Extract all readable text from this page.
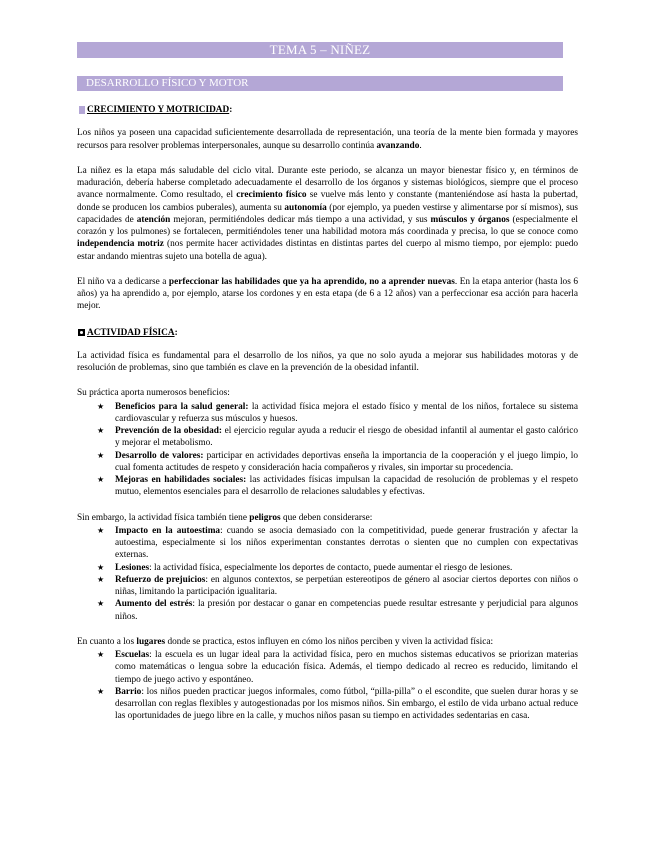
TEMA 5 – NIÑEZ
DESARROLLO FÍSICO Y MOTOR
CRECIMIENTO Y MOTRICIDAD:

Los niños ya poseen una capacidad suficientemente desarrollada de representación, una teoría de la mente bien formada y mayores recursos para resolver problemas interpersonales, aunque su desarrollo continúa avanzando.

La niñez es la etapa más saludable del ciclo vital. Durante este periodo, se alcanza un mayor bienestar físico y, en términos de maduración, debería haberse completado adecuadamente el desarrollo de los órganos y sistemas biológicos, siempre que el proceso avance normalmente. Como resultado, el crecimiento físico se vuelve más lento y constante (manteniéndose así hasta la pubertad, donde se producen los cambios puberales), aumenta su autonomía (por ejemplo, ya pueden vestirse y alimentarse por sí mismos), sus capacidades de atención mejoran, permitiéndoles dedicar más tiempo a una actividad, y sus músculos y órganos (especialmente el corazón y los pulmones) se fortalecen, permitiéndoles tener una habilidad motora más coordinada y precisa, lo que se conoce como independencia motriz (nos permite hacer actividades distintas en distintas partes del cuerpo al mismo tiempo, por ejemplo: puedo estar andando mientras sujeto una botella de agua).

El niño va a dedicarse a perfeccionar las habilidades que ya ha aprendido, no a aprender nuevas. En la etapa anterior (hasta los 6 años) ya ha aprendido a, por ejemplo, atarse los cordones y en esta etapa (de 6 a 12 años) van a perfeccionar esa acción para hacerla mejor.

ACTIVIDAD FÍSICA:

La actividad física es fundamental para el desarrollo de los niños, ya que no solo ayuda a mejorar sus habilidades motoras y de resolución de problemas, sino que también es clave en la prevención de la obesidad infantil.

Su práctica aporta numerosos beneficios:

★ Beneficios para la salud general: la actividad física mejora el estado físico y mental de los niños, fortalece su sistema cardiovascular y refuerza sus músculos y huesos.
★ Prevención de la obesidad: el ejercicio regular ayuda a reducir el riesgo de obesidad infantil al aumentar el gasto calórico y mejorar el metabolismo.
★ Desarrollo de valores: participar en actividades deportivas enseña la importancia de la cooperación y el juego limpio, lo cual fomenta actitudes de respeto y consideración hacia compañeros y rivales, sin importar su procedencia.
★ Mejoras en habilidades sociales: las actividades físicas impulsan la capacidad de resolución de problemas y el respeto mutuo, elementos esenciales para el desarrollo de relaciones saludables y efectivas.

Sin embargo, la actividad física también tiene peligros que deben considerarse:

★ Impacto en la autoestima: cuando se asocia demasiado con la competitividad, puede generar frustración y afectar la autoestima, especialmente si los niños experimentan constantes derrotas o sienten que no cumplen con expectativas externas.
★ Lesiones: la actividad física, especialmente los deportes de contacto, puede aumentar el riesgo de lesiones.
★ Refuerzo de prejuicios: en algunos contextos, se perpetúan estereotipos de género al asociar ciertos deportes con niños o niñas, limitando la participación igualitaria.
★ Aumento del estrés: la presión por destacar o ganar en competencias puede resultar estresante y perjudicial para algunos niños.

En cuanto a los lugares donde se practica, estos influyen en cómo los niños perciben y viven la actividad física:

★ Escuelas: la escuela es un lugar ideal para la actividad física, pero en muchos sistemas educativos se priorizan materias como matemáticas o lengua sobre la educación física. Además, el tiempo dedicado al recreo es reducido, limitando el tiempo de juego activo y espontáneo.
★ Barrio: los niños pueden practicar juegos informales, como fútbol, “pilla-pilla” o el escondite, que suelen durar horas y se desarrollan con reglas flexibles y autogestionadas por los mismos niños. Sin embargo, el estilo de vida urbano actual reduce las oportunidades de juego libre en la calle, y muchos niños pasan su tiempo en actividades sedentarias en casa.
